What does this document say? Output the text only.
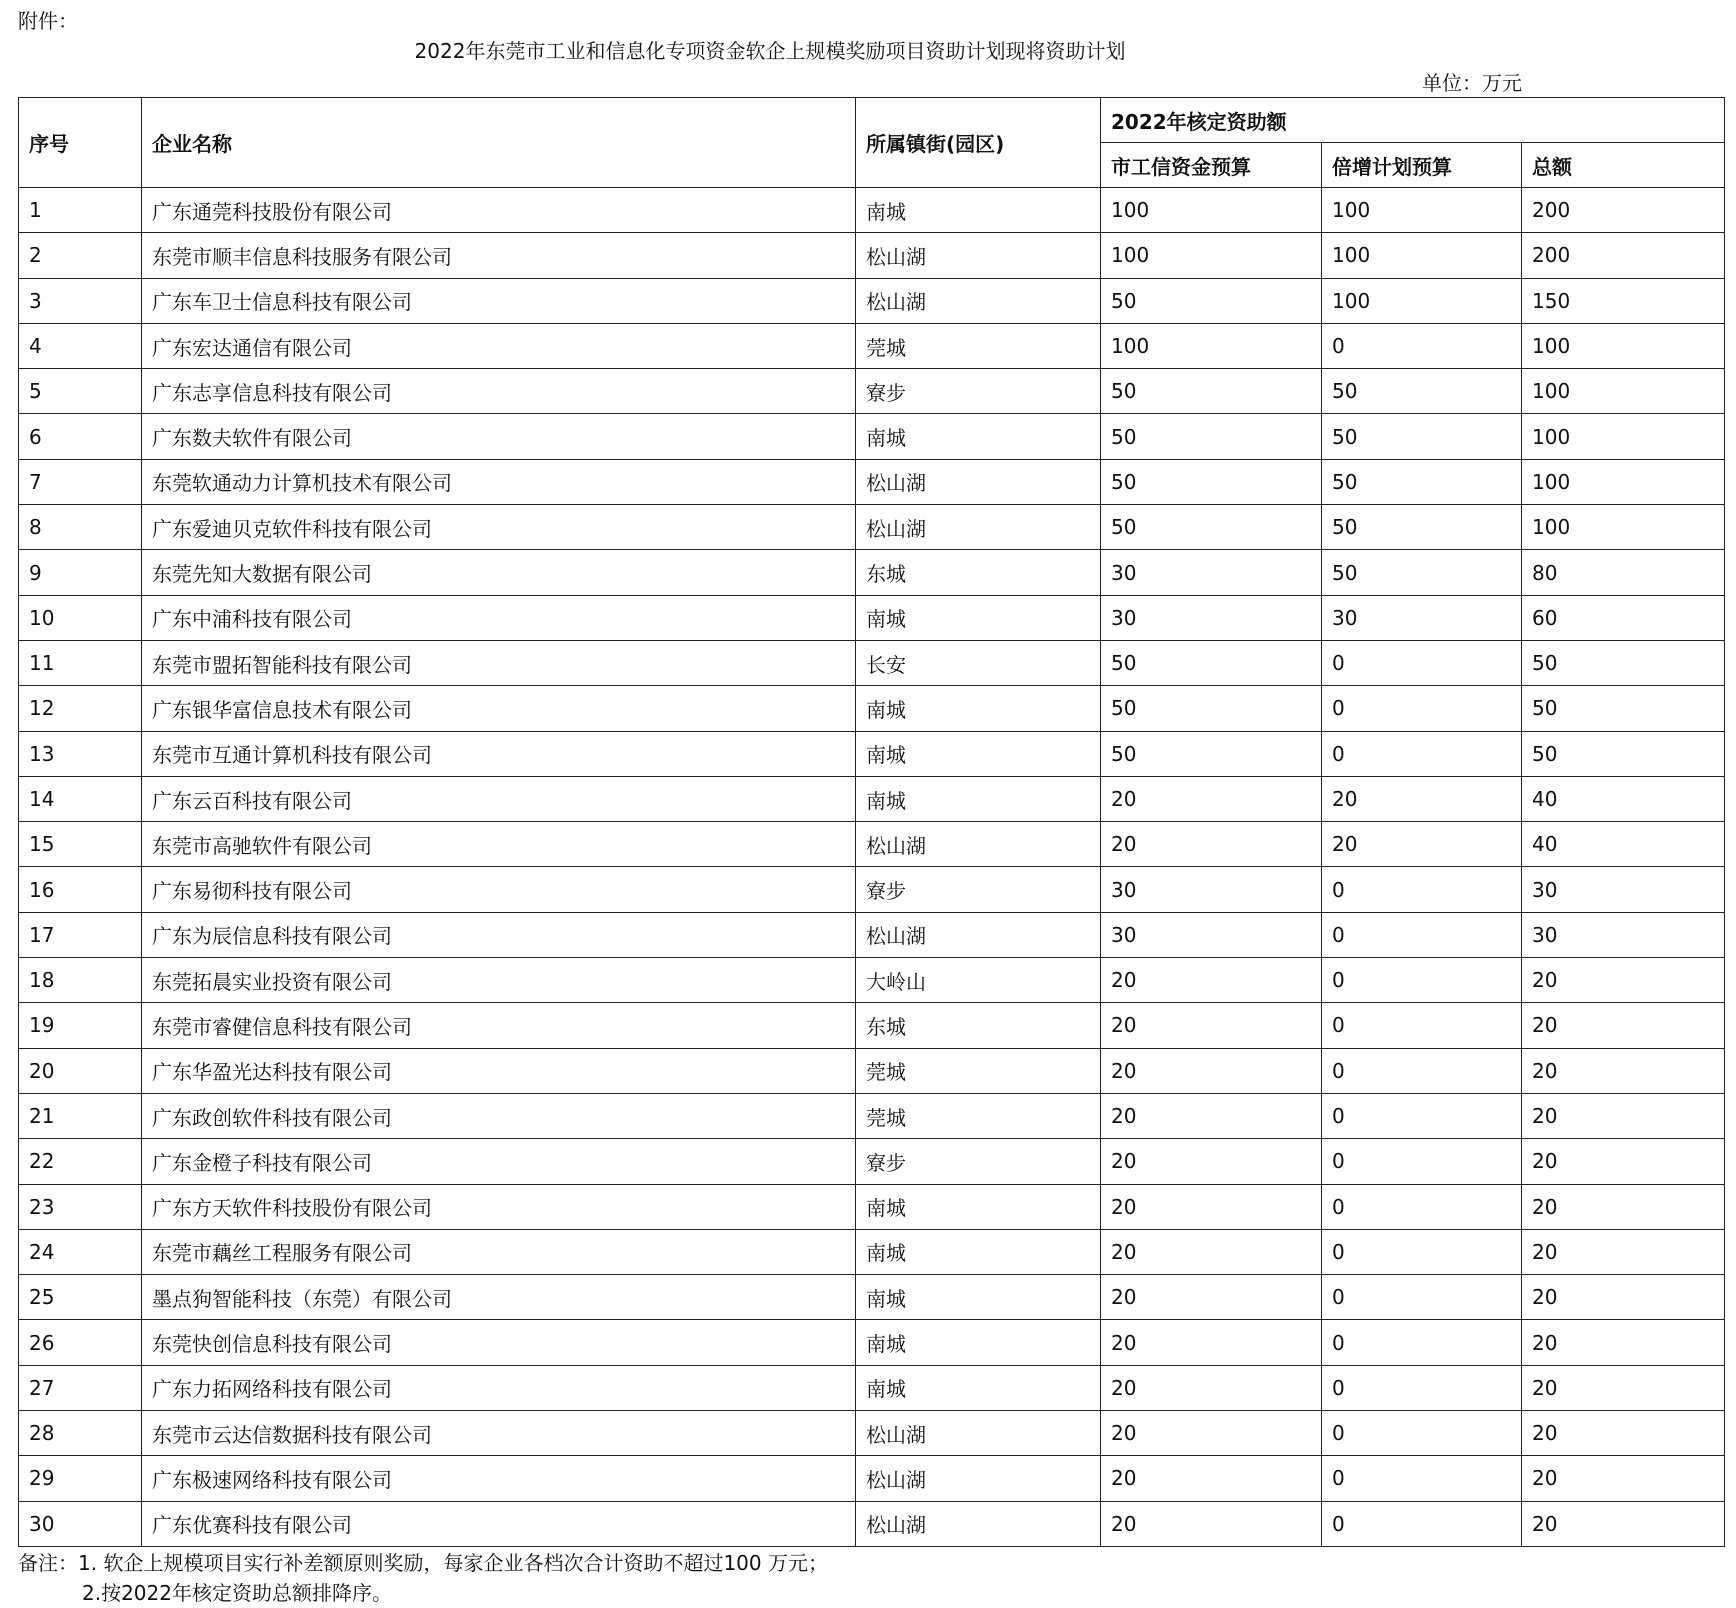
附件：
2022年东莞市工业和信息化专项资金软企上规模奖励项目资助计划现将资助计划
单位：万元
序号	企业名称	所属镇街(园区)	2022年核定资助额		
			市工信资金预算	倍增计划预算	总额
1	广东通莞科技股份有限公司	南城	100	100	200
2	东莞市顺丰信息科技服务有限公司	松山湖	100	100	200
3	广东车卫士信息科技有限公司	松山湖	50	100	150
4	广东宏达通信有限公司	莞城	100	0	100
5	广东志享信息科技有限公司	寮步	50	50	100
6	广东数夫软件有限公司	南城	50	50	100
7	东莞软通动力计算机技术有限公司	松山湖	50	50	100
8	广东爱迪贝克软件科技有限公司	松山湖	50	50	100
9	东莞先知大数据有限公司	东城	30	50	80
10	广东中浦科技有限公司	南城	30	30	60
11	东莞市盟拓智能科技有限公司	长安	50	0	50
12	广东银华富信息技术有限公司	南城	50	0	50
13	东莞市互通计算机科技有限公司	南城	50	0	50
14	广东云百科技有限公司	南城	20	20	40
15	东莞市高驰软件有限公司	松山湖	20	20	40
16	广东易彻科技有限公司	寮步	30	0	30
17	广东为辰信息科技有限公司	松山湖	30	0	30
18	东莞拓晨实业投资有限公司	大岭山	20	0	20
19	东莞市睿健信息科技有限公司	东城	20	0	20
20	广东华盈光达科技有限公司	莞城	20	0	20
21	广东政创软件科技有限公司	莞城	20	0	20
22	广东金橙子科技有限公司	寮步	20	0	20
23	广东方天软件科技股份有限公司	南城	20	0	20
24	东莞市藕丝工程服务有限公司	南城	20	0	20
25	墨点狗智能科技（东莞）有限公司	南城	20	0	20
26	东莞快创信息科技有限公司	南城	20	0	20
27	广东力拓网络科技有限公司	南城	20	0	20
28	东莞市云达信数据科技有限公司	松山湖	20	0	20
29	广东极速网络科技有限公司	松山湖	20	0	20
30	广东优赛科技有限公司	松山湖	20	0	20
备注：1. 软企上规模项目实行补差额原则奖励，每家企业各档次合计资助不超过100 万元；
2.按2022年核定资助总额排降序。
